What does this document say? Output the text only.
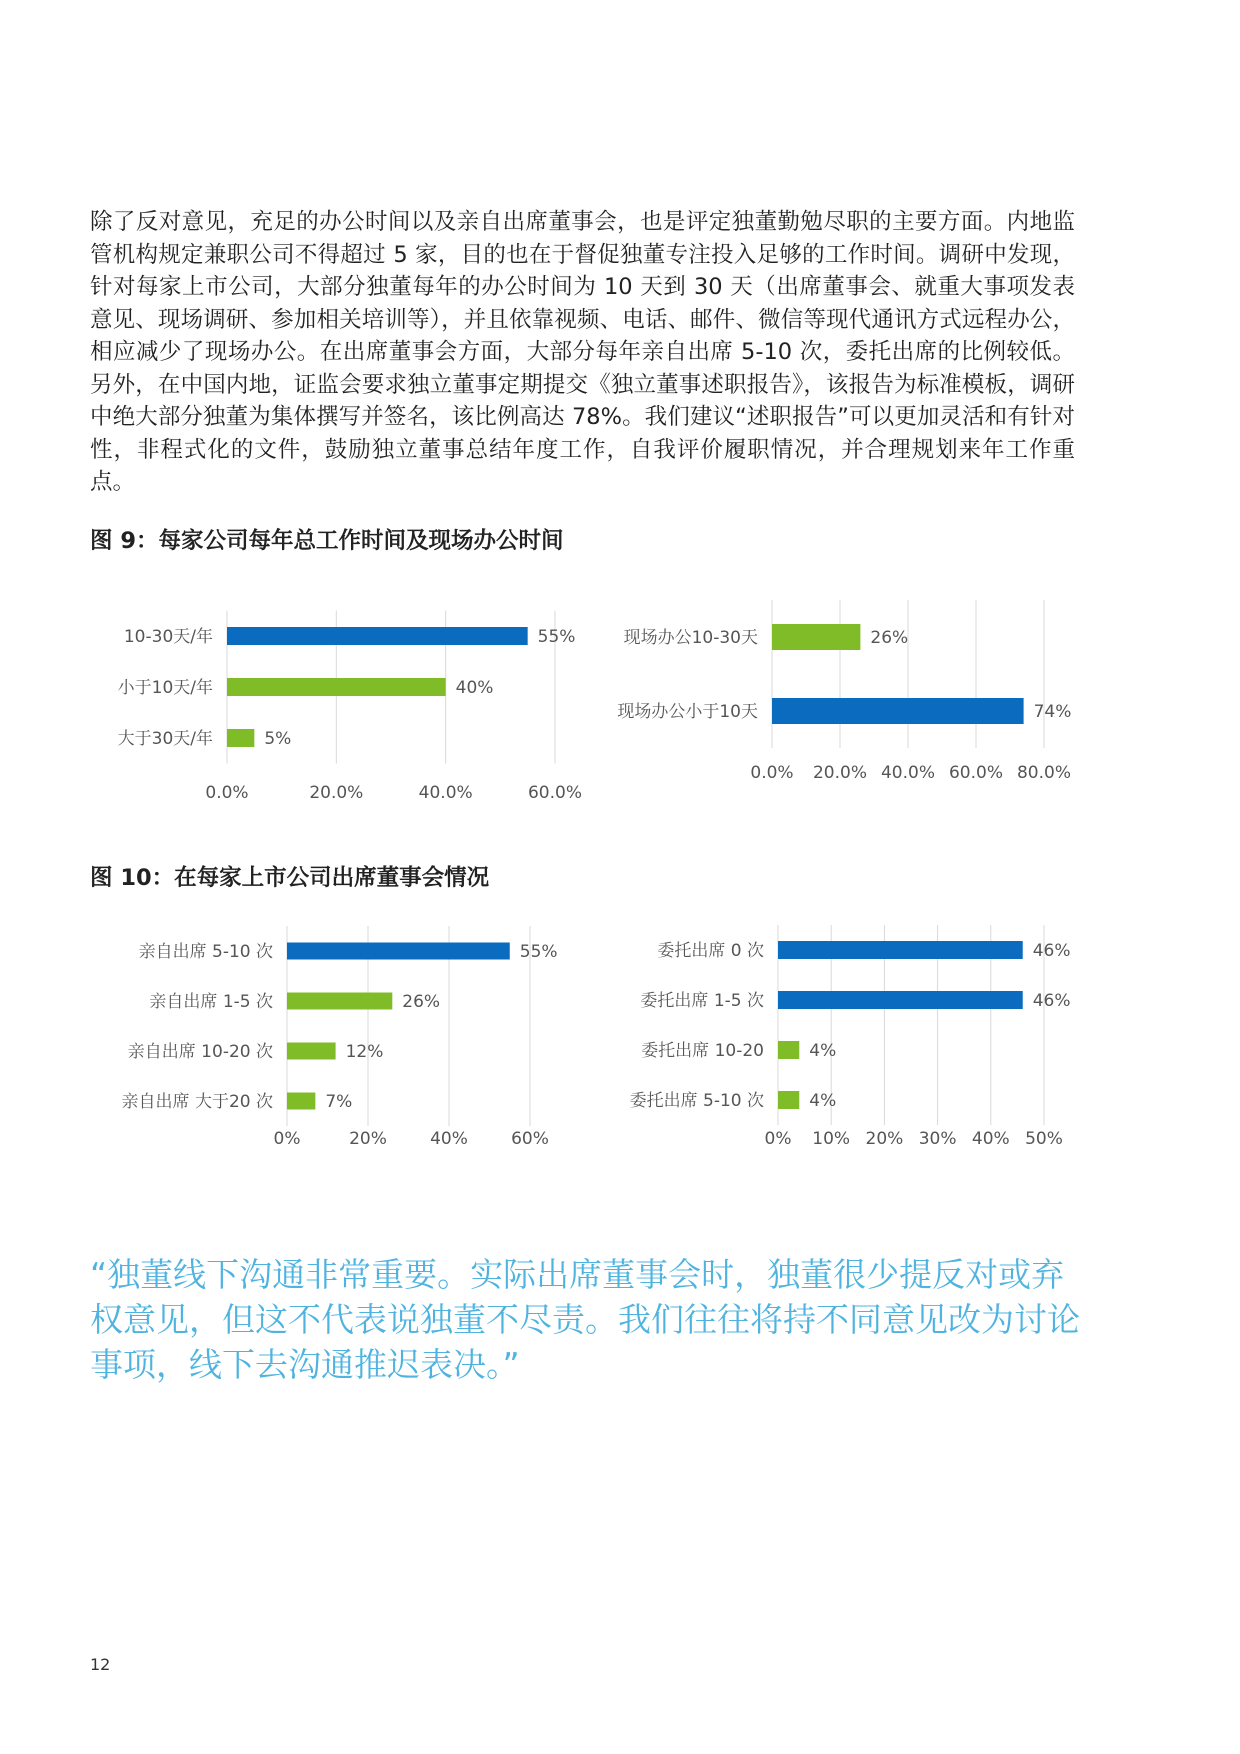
除了反对意见，充足的办公时间以及亲自出席董事会，也是评定独董勤勉尽职的主要方面。内地监管机构规定兼职公司不得超过 5 家，目的也在于督促独董专注投入足够的工作时间。调研中发现，针对每家上市公司，大部分独董每年的办公时间为 10 天到 30 天（出席董事会、就重大事项发表意见、现场调研、参加相关培训等），并且依靠视频、电话、邮件、微信等现代通讯方式远程办公，相应减少了现场办公。在出席董事会方面，大部分每年亲自出席 5-10 次，委托出席的比例较低。另外，在中国内地，证监会要求独立董事定期提交《独立董事述职报告》，该报告为标准模板，调研中绝大部分独董为集体撰写并签名，该比例高达 78%。我们建议“述职报告”可以更加灵活和有针对性，非程式化的文件，鼓励独立董事总结年度工作，自我评价履职情况，并合理规划来年工作重点。

图 9：每家公司每年总工作时间及现场办公时间
0.0%	20.0%	40.0%	60.0%
10-30天/年	55%
小于10天/年	40%
大于30天/年	5%
0.0% 20.0% 40.0% 60.0% 80.0%
现场办公10-30天	26%
现场办公小于10天	74%
图 10：在每家上市公司出席董事会情况
0%	20%	40%	60%
亲自出席 5-10 次	55%
亲自出席 1-5 次	26%
亲自出席 10-20 次	12%
亲自出席 大于20 次	7%
0% 10% 20% 30% 40% 50%
委托出席 0 次	46%
委托出席 1-5 次	46%
委托出席 10-20	4%
委托出席 5-10 次	4%

“独董线下沟通非常重要。实际出席董事会时，独董很少提反对或弃权意见，但这不代表说独董不尽责。我们往往将持不同意见改为讨论事项，线下去沟通推迟表决。”

12
